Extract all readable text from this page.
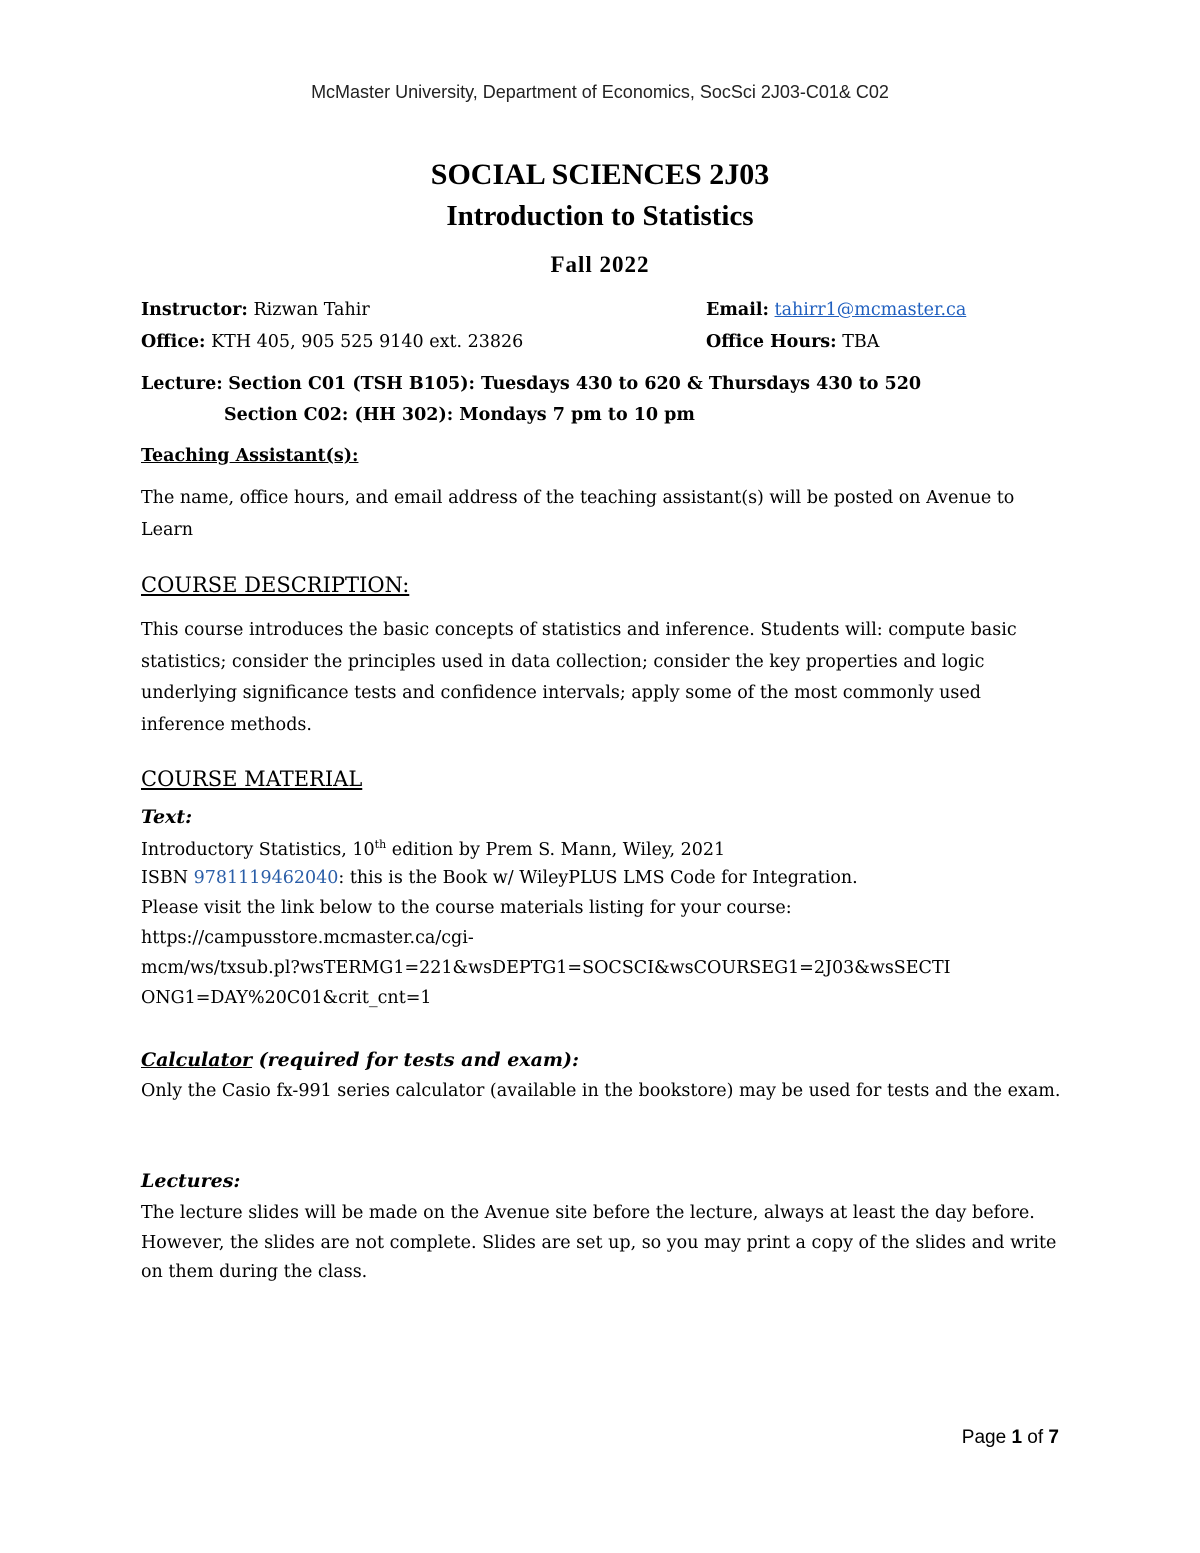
McMaster University, Department of Economics, SocSci 2J03-C01& C02
SOCIAL SCIENCES 2J03
Introduction to Statistics
Fall 2022
Instructor: Rizwan Tahir	Email: tahirr1@mcmaster.ca
Office: KTH 405, 905 525 9140 ext. 23826	Office Hours: TBA
Lecture: Section C01 (TSH B105): Tuesdays 430 to 620 & Thursdays 430 to 520
Section C02: (HH 302): Mondays 7 pm to 10 pm
Teaching Assistant(s):
The name, office hours, and email address of the teaching assistant(s) will be posted on Avenue to Learn
COURSE DESCRIPTION:
This course introduces the basic concepts of statistics and inference. Students will: compute basic statistics; consider the principles used in data collection; consider the key properties and logic underlying significance tests and confidence intervals; apply some of the most commonly used inference methods.
COURSE MATERIAL
Text:
Introductory Statistics, 10th edition by Prem S. Mann, Wiley, 2021
ISBN 9781119462040: this is the Book w/ WileyPLUS LMS Code for Integration.
Please visit the link below to the course materials listing for your course:
https://campusstore.mcmaster.ca/cgi-
mcm/ws/txsub.pl?wsTERMG1=221&wsDEPTG1=SOCSCI&wsCOURSEG1=2J03&wsSECTI
ONG1=DAY%20C01&crit_cnt=1
Calculator (required for tests and exam):
Only the Casio fx-991 series calculator (available in the bookstore) may be used for tests and the exam.
Lectures:
The lecture slides will be made on the Avenue site before the lecture, always at least the day before. However, the slides are not complete. Slides are set up, so you may print a copy of the slides and write on them during the class.
Page 1 of 7
